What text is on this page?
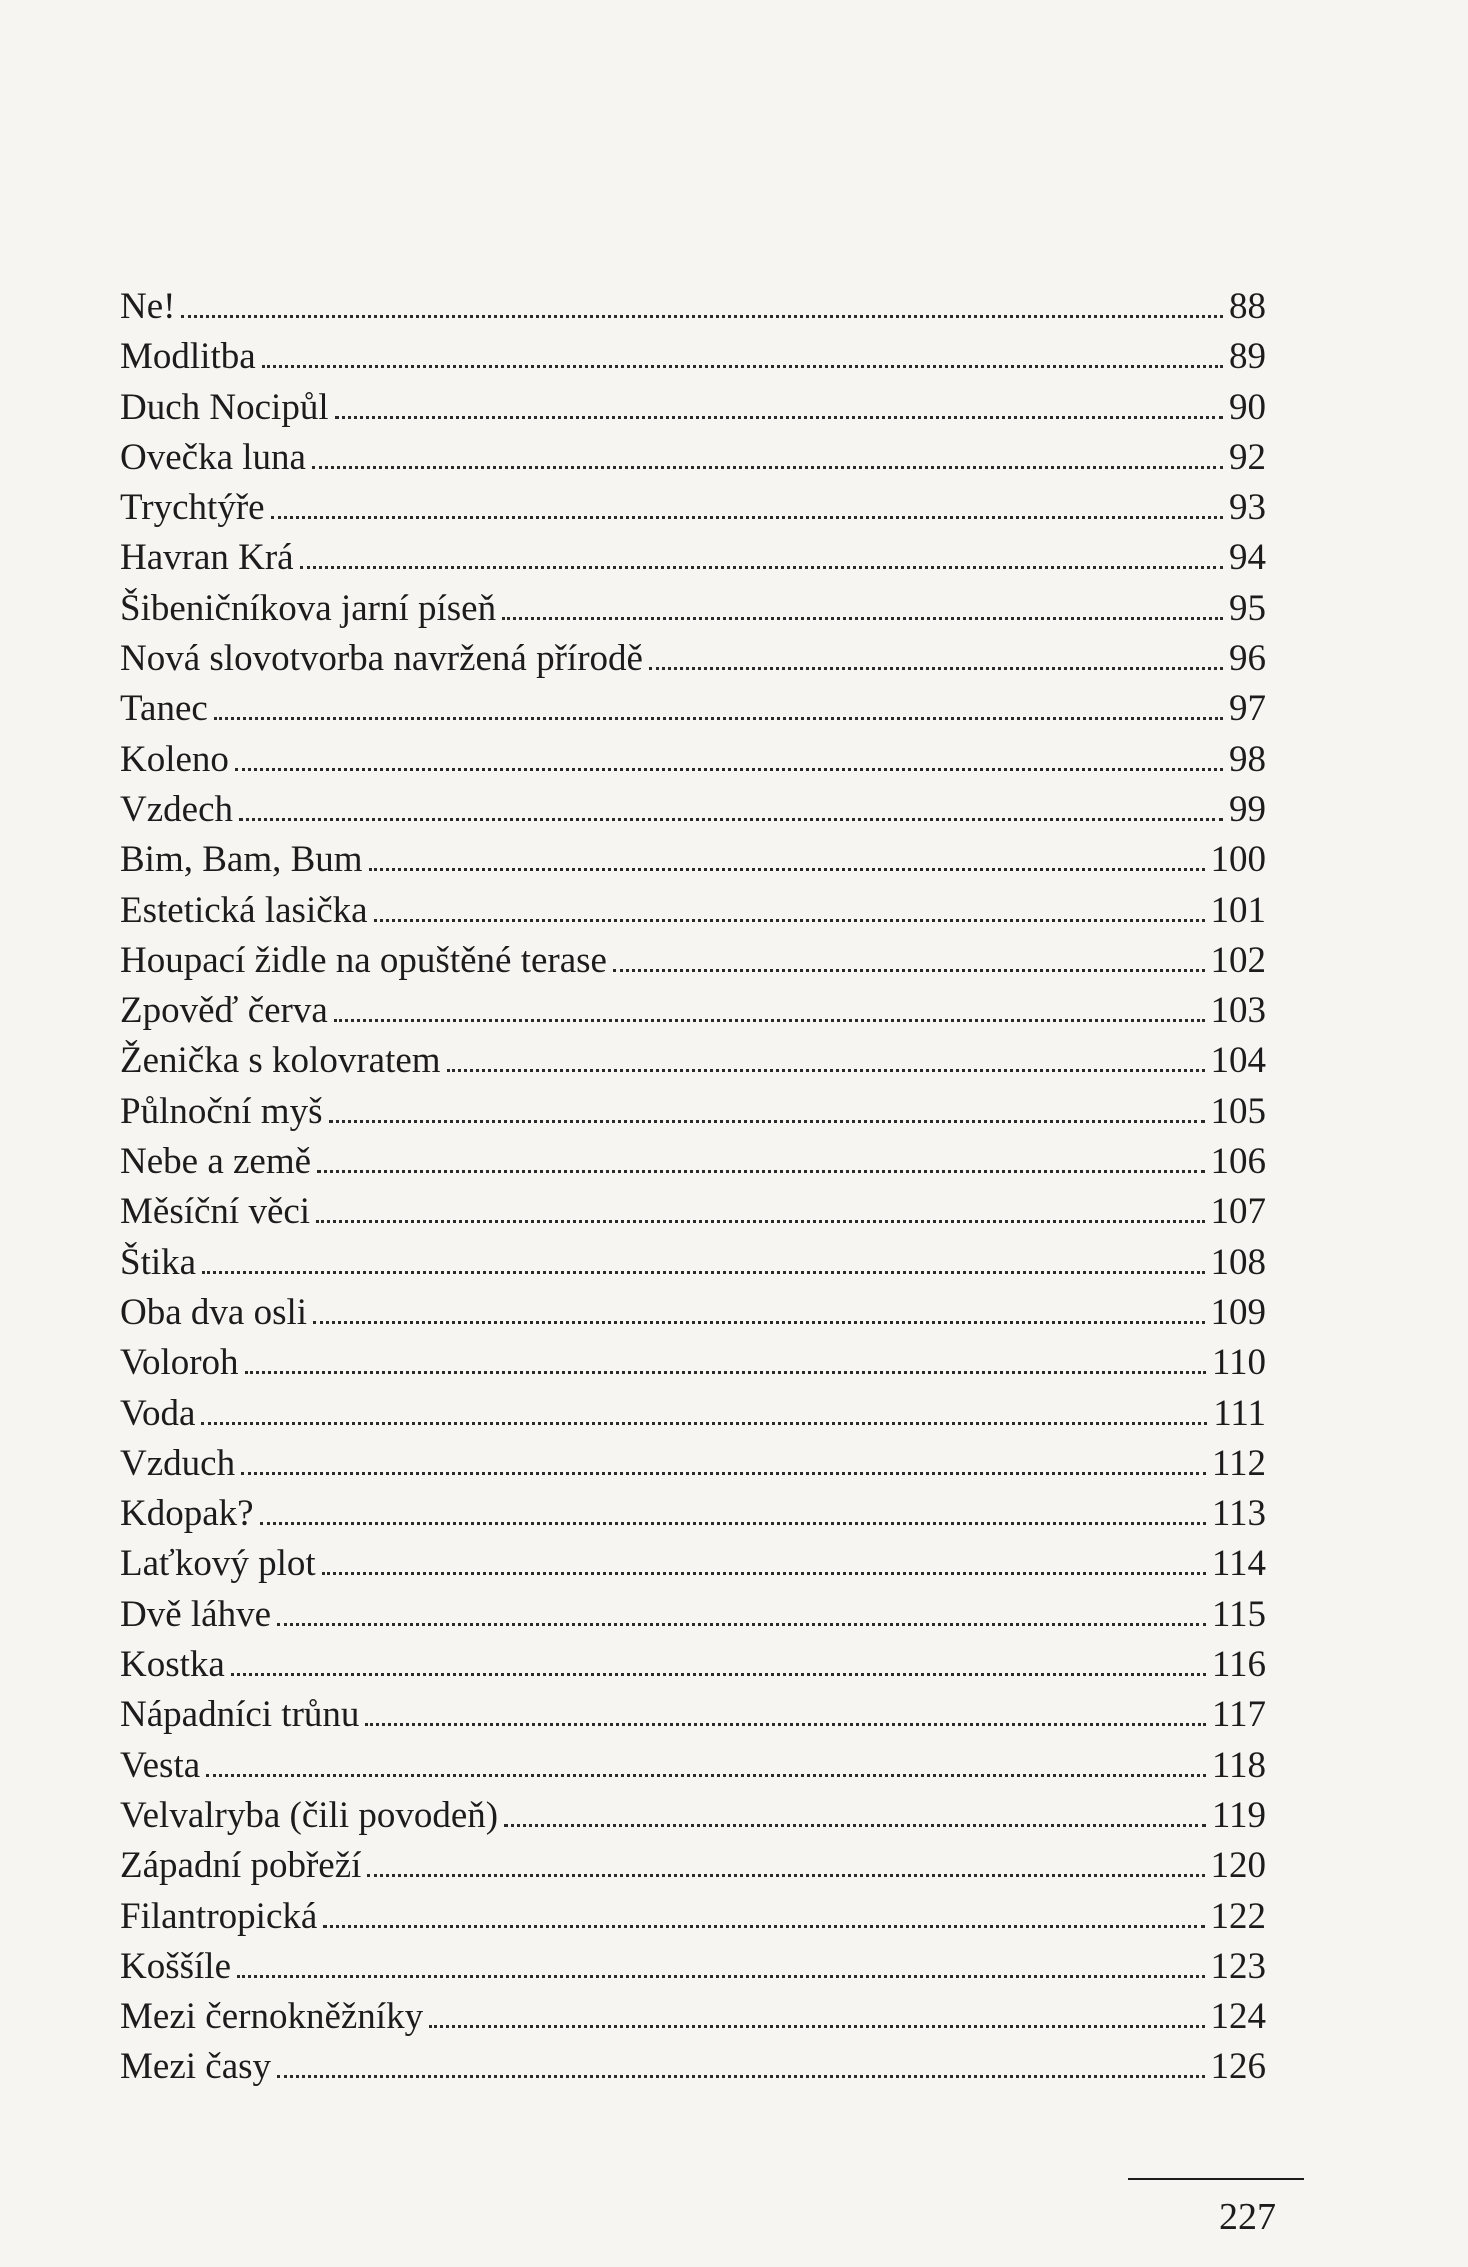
Ne!	88
Modlitba	89
Duch Nocipůl	90
Ovečka luna	92
Trychtýře	93
Havran Krá	94
Šibeničníkova jarní píseň	95
Nová slovotvorba navržená přírodě	96
Tanec	97
Koleno	98
Vzdech	99
Bim, Bam, Bum	100
Estetická lasička	101
Houpací židle na opuštěné terase	102
Zpověď červa	103
Ženička s kolovratem	104
Půlnoční myš	105
Nebe a země	106
Měsíční věci	107
Štika	108
Oba dva osli	109
Voloroh	110
Voda	111
Vzduch	112
Kdopak?	113
Laťkový plot	114
Dvě láhve	115
Kostka	116
Nápadníci trůnu	117
Vesta	118
Velvalryba (čili povodeň)	119
Západní pobřeží	120
Filantropická	122
Koššíle	123
Mezi černokněžníky	124
Mezi časy	126
227
